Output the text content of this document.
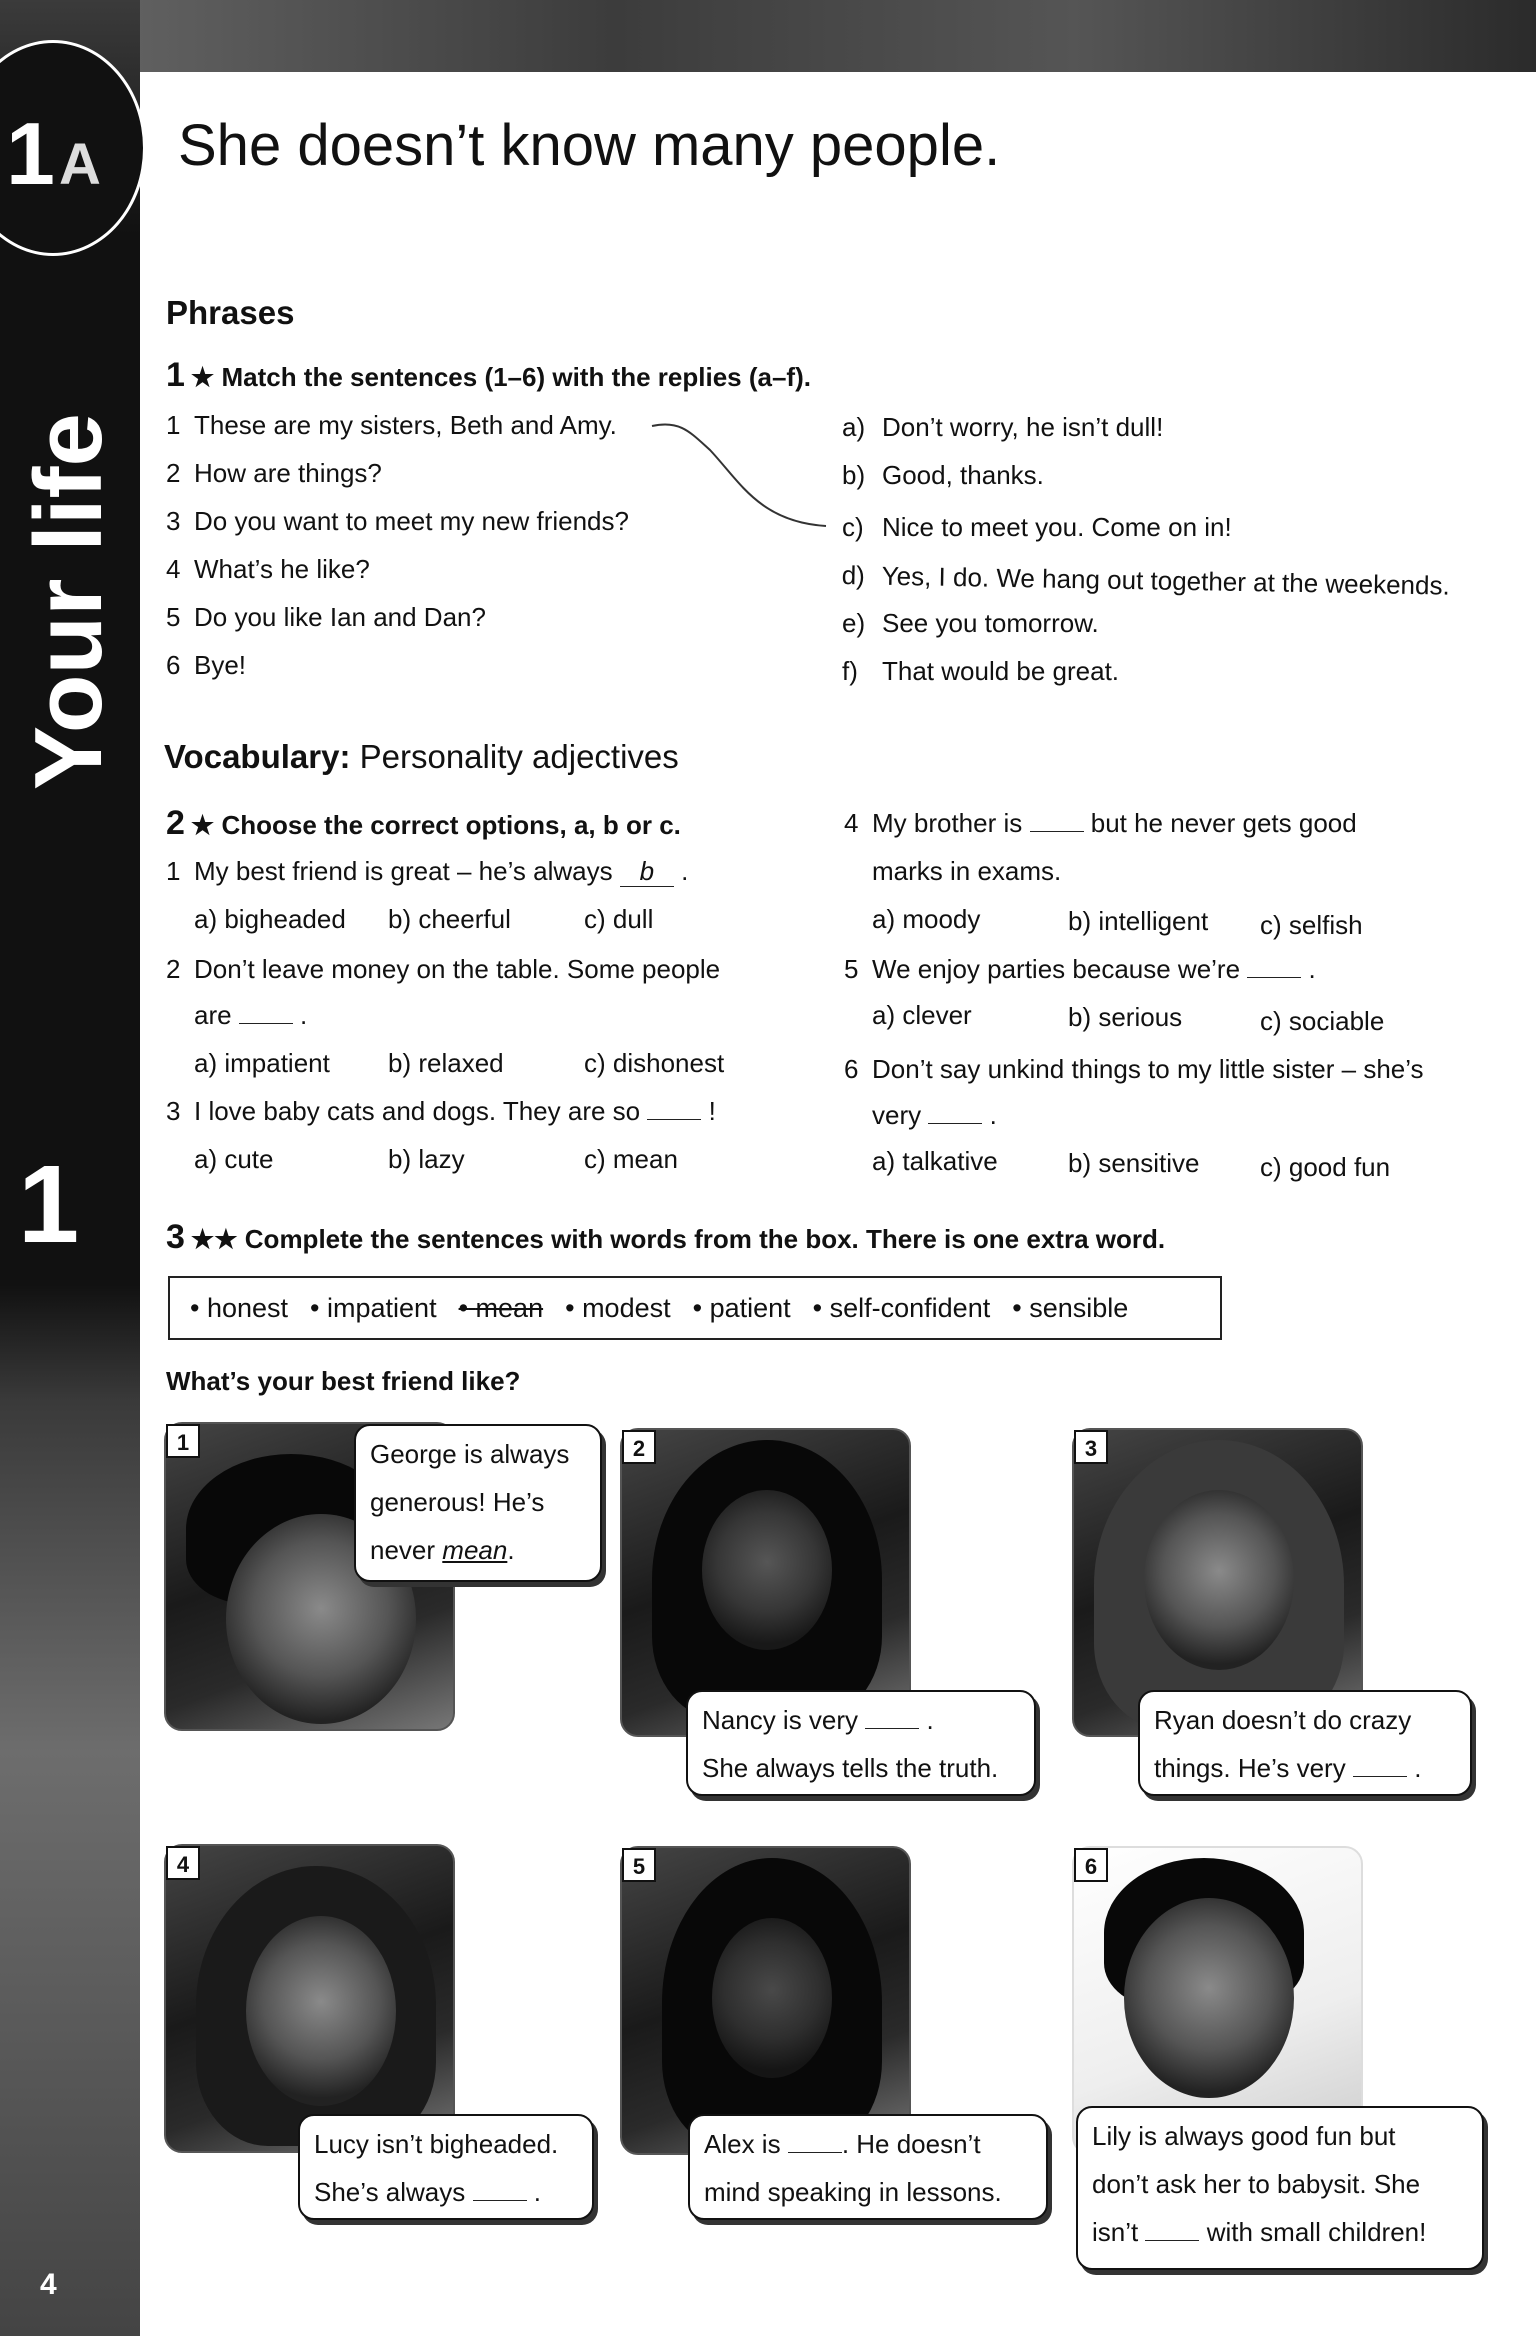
1A
Your life
1
4
She doesn’t know many people.
Phrases
1 ★ Match the sentences (1–6) with the replies (a–f).
1 These are my sisters, Beth and Amy.
2 How are things?
3 Do you want to meet my new friends?
4 What’s he like?
5 Do you like Ian and Dan?
6 Bye!
a) Don’t worry, he isn’t dull!
b) Good, thanks.
c) Nice to meet you. Come on in!
d) Yes, I do. We hang out together at the weekends.
e) See you tomorrow.
f) That would be great.
Vocabulary: Personality adjectives
2 ★ Choose the correct options, a, b or c.
1 My best friend is great – he’s always b .
a) bigheaded b) cheerful	c) dull
2 Don’t leave money on the table. Some people
are	.
a) impatient b) relaxed	c) dishonest
3 I love baby cats and dogs. They are so	!
a) cute	b) lazy	c) mean
4 My brother is	but he never gets good
marks in exams.
a) moody	b) intelligent c) selfish
5 We enjoy parties because we’re	.
a) clever	b) serious	c) sociable
6 Don’t say unkind things to my little sister – she’s
very	.
a) talkative	b) sensitive c) good fun
3 ★★ Complete the sentences with words from the box. There is one extra word.
• honest • impatient • mean • modest • patient • self-confident • sensible
What’s your best friend like?
1	George is always
generous! He’s
never mean.
2
Nancy is very	.
She always tells the truth.
3
Ryan doesn’t do crazy
things. He’s very	.
4
Lucy isn’t bigheaded.
She’s always	.
5
Alex is . He doesn’t
mind speaking in lessons.
6
Lily is always good fun but
don’t ask her to babysit. She
isn’t	with small children!
